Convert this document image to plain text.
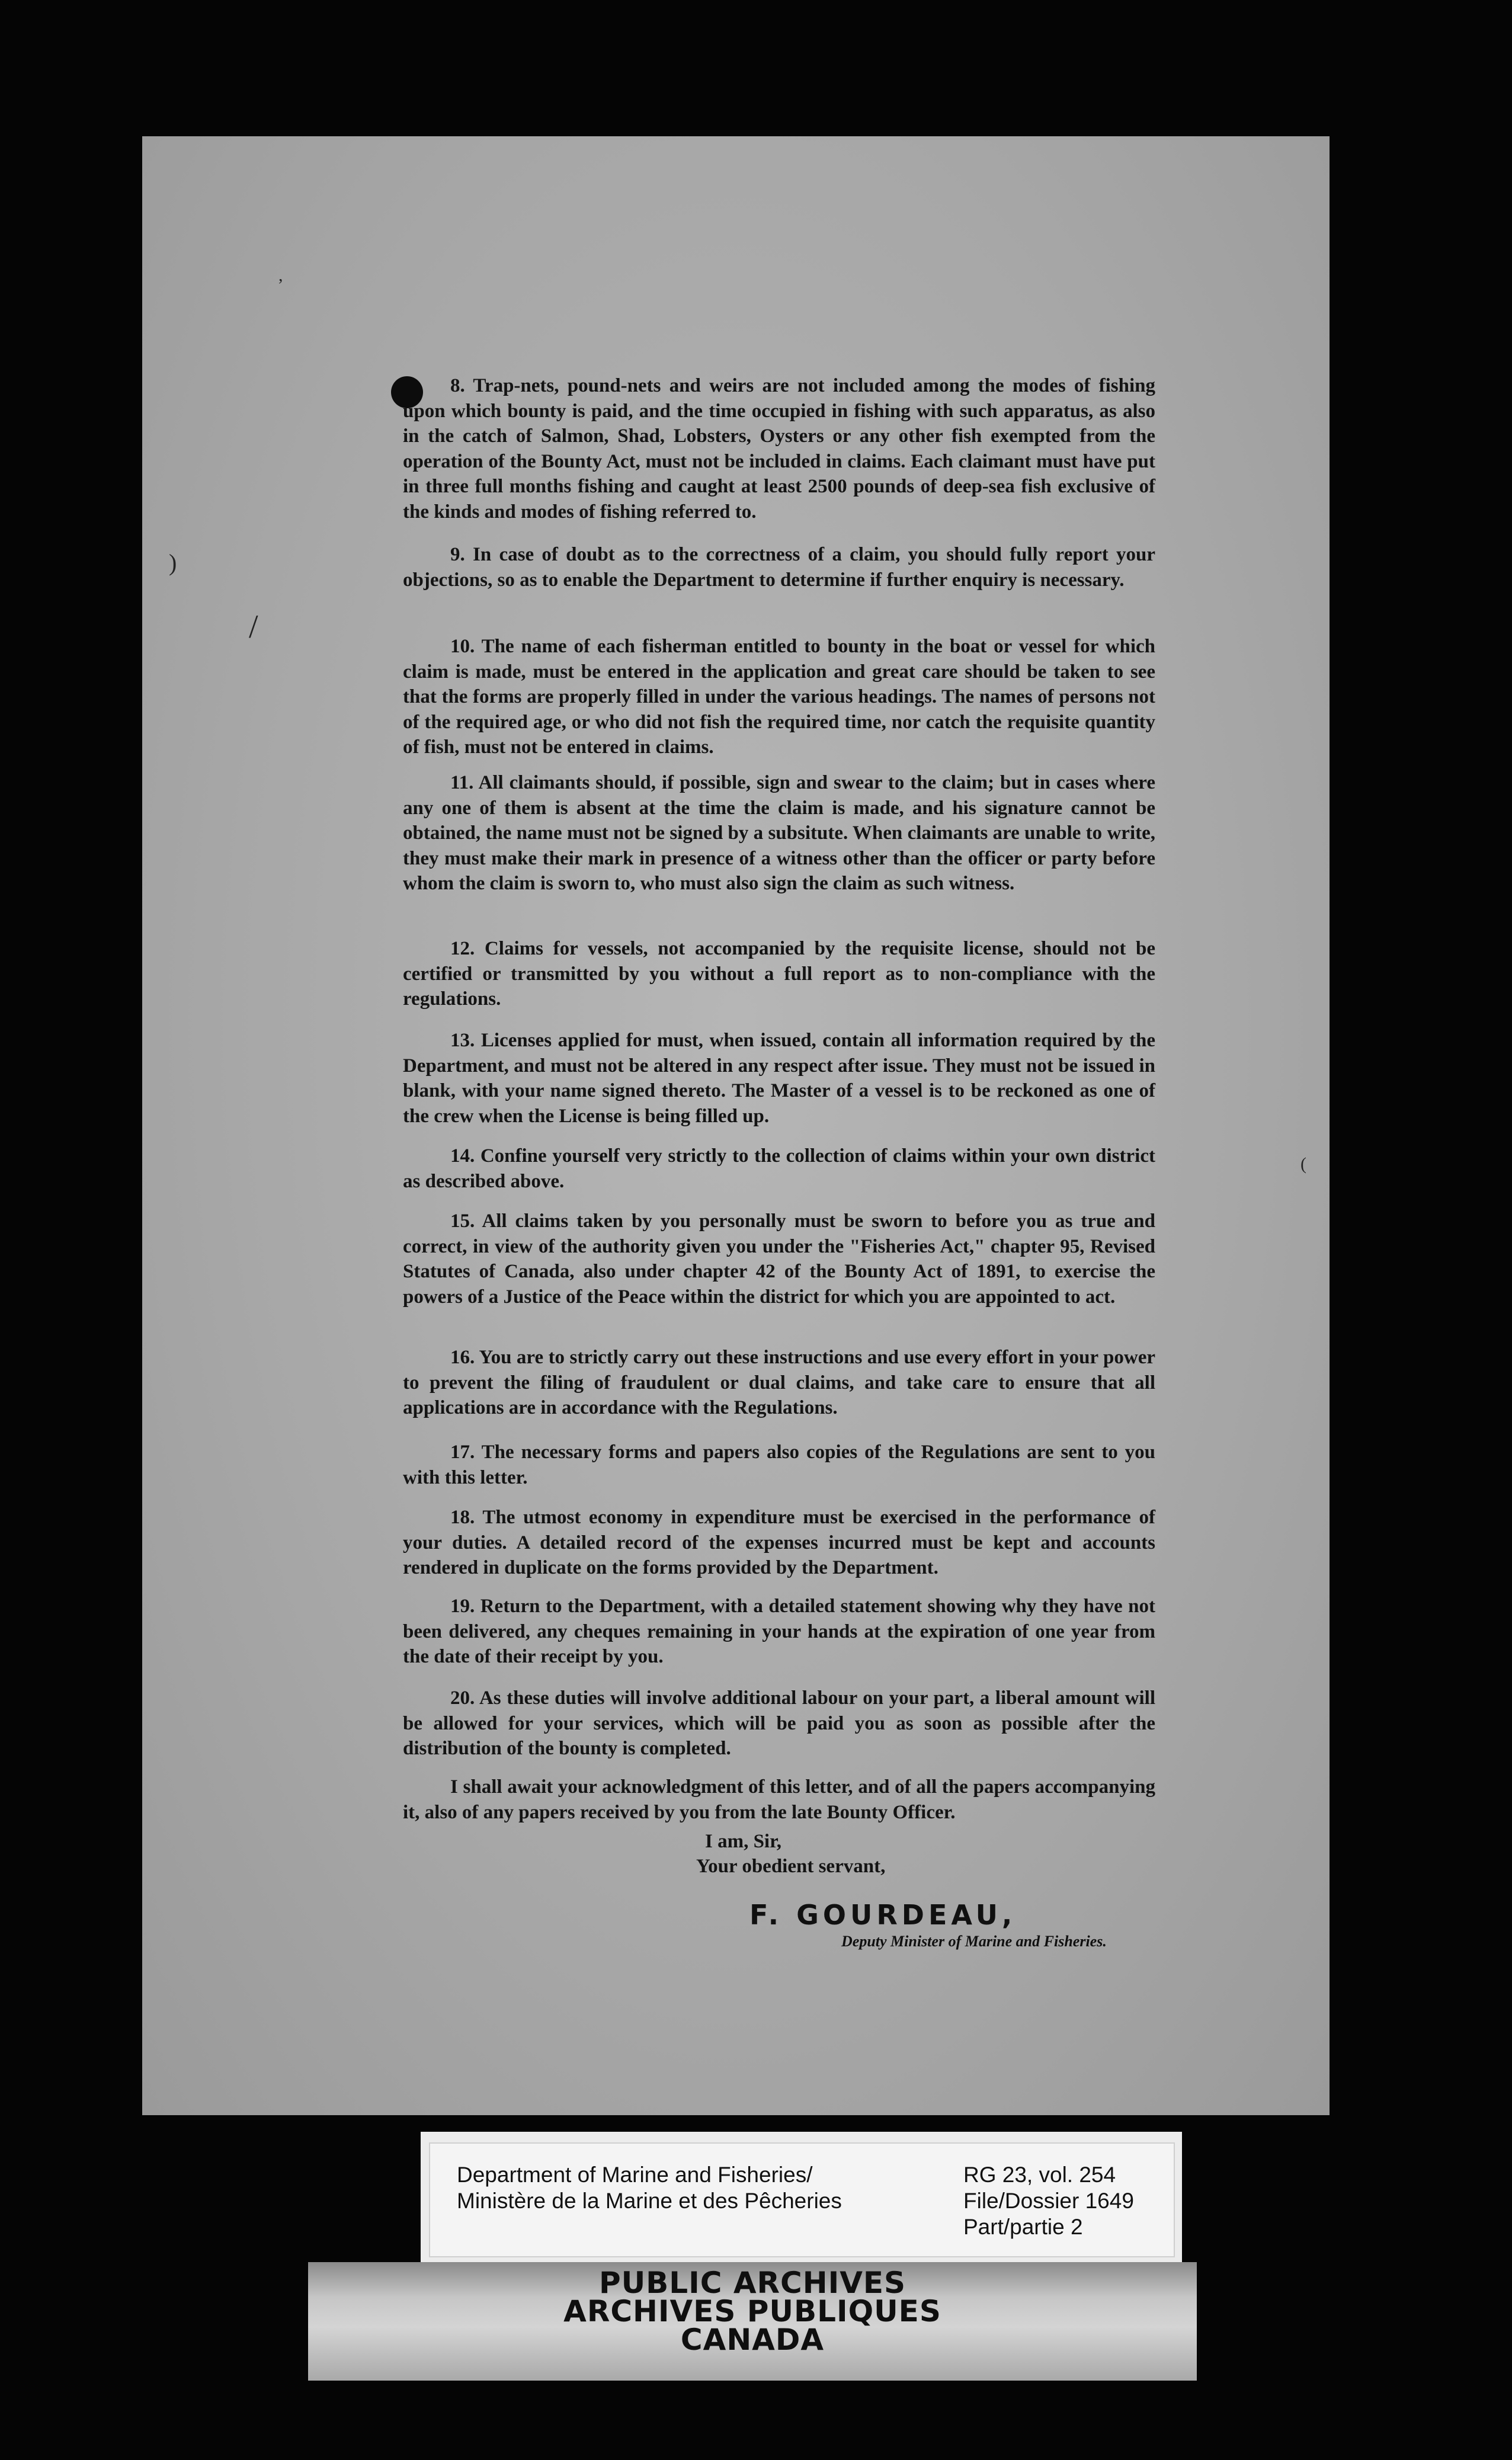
)
/
,
(

8. Trap-nets, pound-nets and weirs are not included among the modes of fishing upon which bounty is paid, and the time occupied in fishing with such apparatus, as also in the catch of Salmon, Shad, Lobsters, Oysters or any other fish exempted from the operation of the Bounty Act, must not be included in claims. Each claimant must have put in three full months fishing and caught at least 2500 pounds of deep-sea fish exclusive of the kinds and modes of fishing referred to.

9. In case of doubt as to the correctness of a claim, you should fully report your objections, so as to enable the Department to determine if further enquiry is necessary.

10. The name of each fisherman entitled to bounty in the boat or vessel for which claim is made, must be entered in the application and great care should be taken to see that the forms are properly filled in under the various headings. The names of persons not of the required age, or who did not fish the required time, nor catch the requisite quantity of fish, must not be entered in claims.

11. All claimants should, if possible, sign and swear to the claim; but in cases where any one of them is absent at the time the claim is made, and his signature cannot be obtained, the name must not be signed by a subsitute. When claimants are unable to write, they must make their mark in presence of a witness other than the officer or party before whom the claim is sworn to, who must also sign the claim as such witness.

12. Claims for vessels, not accompanied by the requisite license, should not be certified or transmitted by you without a full report as to non-compliance with the regulations.

13. Licenses applied for must, when issued, contain all information required by the Department, and must not be altered in any respect after issue. They must not be issued in blank, with your name signed thereto. The Master of a vessel is to be reckoned as one of the crew when the License is being filled up.

14. Confine yourself very strictly to the collection of claims within your own district as described above.

15. All claims taken by you personally must be sworn to before you as true and correct, in view of the authority given you under the "Fisheries Act," chapter 95, Revised Statutes of Canada, also under chapter 42 of the Bounty Act of 1891, to exercise the powers of a Justice of the Peace within the district for which you are appointed to act.

16. You are to strictly carry out these instructions and use every effort in your power to prevent the filing of fraudulent or dual claims, and take care to ensure that all applications are in accordance with the Regulations.

17. The necessary forms and papers also copies of the Regulations are sent to you with this letter.

18. The utmost economy in expenditure must be exercised in the performance of your duties. A detailed record of the expenses incurred must be kept and accounts rendered in duplicate on the forms provided by the Department.

19. Return to the Department, with a detailed statement showing why they have not been delivered, any cheques remaining in your hands at the expiration of one year from the date of their receipt by you.

20. As these duties will involve additional labour on your part, a liberal amount will be allowed for your services, which will be paid you as soon as possible after the distribution of the bounty is completed.

I shall await your acknowledgment of this letter, and of all the papers accompanying it, also of any papers received by you from the late Bounty Officer.

I am, Sir,
Your obedient servant,
F. GOURDEAU,
Deputy Minister of Marine and Fisheries.
Department of Marine and Fisheries/
Ministère de la Marine et des Pêcheries
RG 23, vol. 254
File/Dossier 1649
Part/partie 2
PUBLIC ARCHIVES
ARCHIVES PUBLIQUES
CANADA
